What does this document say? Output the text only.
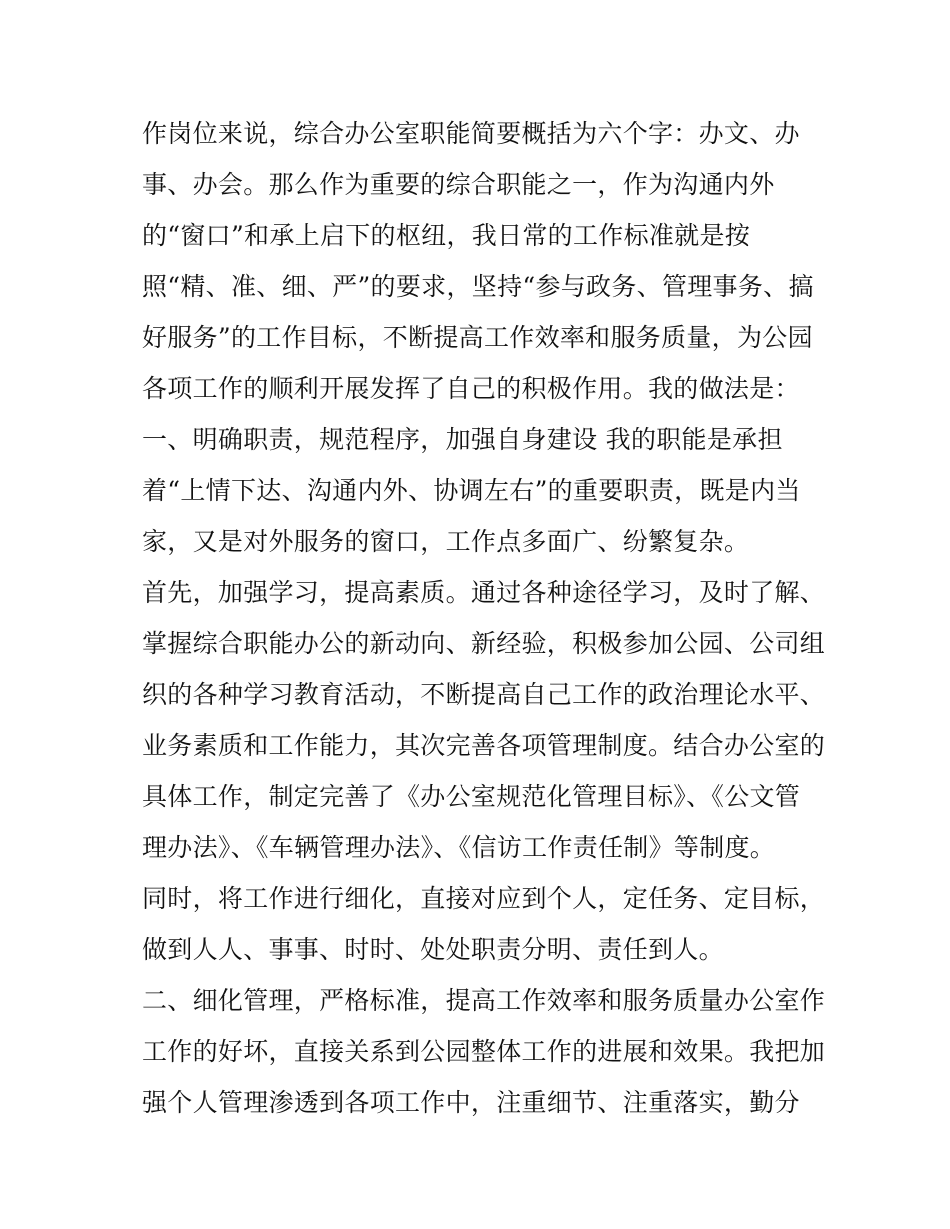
作岗位来说，综合办公室职能简要概括为六个字：办文、办
事、办会。那么作为重要的综合职能之一，作为沟通内外
的“窗口”和承上启下的枢纽，我日常的工作标准就是按
照“精、准、细、严”的要求，坚持“参与政务、管理事务、搞
好服务”的工作目标，不断提高工作效率和服务质量，为公园
各项工作的顺利开展发挥了自己的积极作用。我的做法是：
一、明确职责，规范程序，加强自身建设 我的职能是承担
着“上情下达、沟通内外、协调左右”的重要职责，既是内当
家，又是对外服务的窗口，工作点多面广、纷繁复杂。
首先，加强学习，提高素质。通过各种途径学习，及时了解、
掌握综合职能办公的新动向、新经验，积极参加公园、公司组
织的各种学习教育活动，不断提高自己工作的政治理论水平、
业务素质和工作能力，其次完善各项管理制度。结合办公室的
具体工作，制定完善了《办公室规范化管理目标》、《公文管
理办法》、《车辆管理办法》、《信访工作责任制》等制度。
同时，将工作进行细化，直接对应到个人，定任务、定目标，
做到人人、事事、时时、处处职责分明、责任到人。
二、细化管理，严格标准，提高工作效率和服务质量办公室作
工作的好坏，直接关系到公园整体工作的进展和效果。我把加
强个人管理渗透到各项工作中，注重细节、注重落实，勤分
